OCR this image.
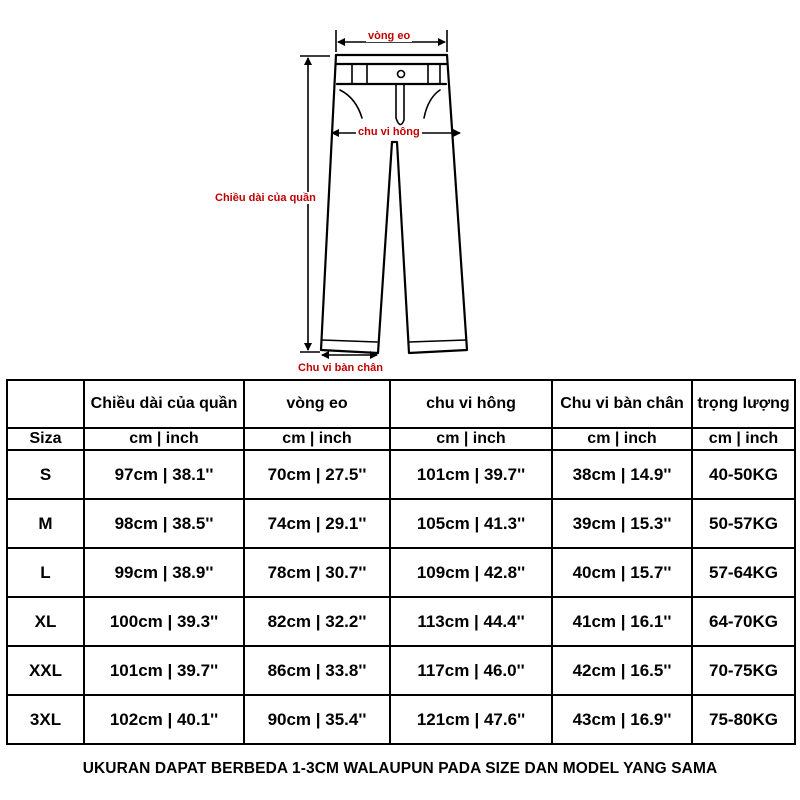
vòng eo
chu vi hông
Chiều dài của quần
Chu vi bàn chân
	Chiều dài của quần	vòng eo	chu vi hông	Chu vi bàn chân	trọng lượng
Siza	cm | inch	cm | inch	cm | inch	cm | inch	cm | inch
S	97cm | 38.1''	70cm | 27.5''	101cm | 39.7''	38cm | 14.9''	40-50KG
M	98cm | 38.5''	74cm | 29.1''	105cm | 41.3''	39cm | 15.3''	50-57KG
L	99cm | 38.9''	78cm | 30.7''	109cm | 42.8''	40cm | 15.7''	57-64KG
XL	100cm | 39.3''	82cm | 32.2''	113cm | 44.4''	41cm | 16.1''	64-70KG
XXL	101cm | 39.7''	86cm | 33.8''	117cm | 46.0''	42cm | 16.5''	70-75KG
3XL	102cm | 40.1''	90cm | 35.4''	121cm | 47.6''	43cm | 16.9''	75-80KG
UKURAN DAPAT BERBEDA 1-3CM WALAUPUN PADA SIZE DAN MODEL YANG SAMA
